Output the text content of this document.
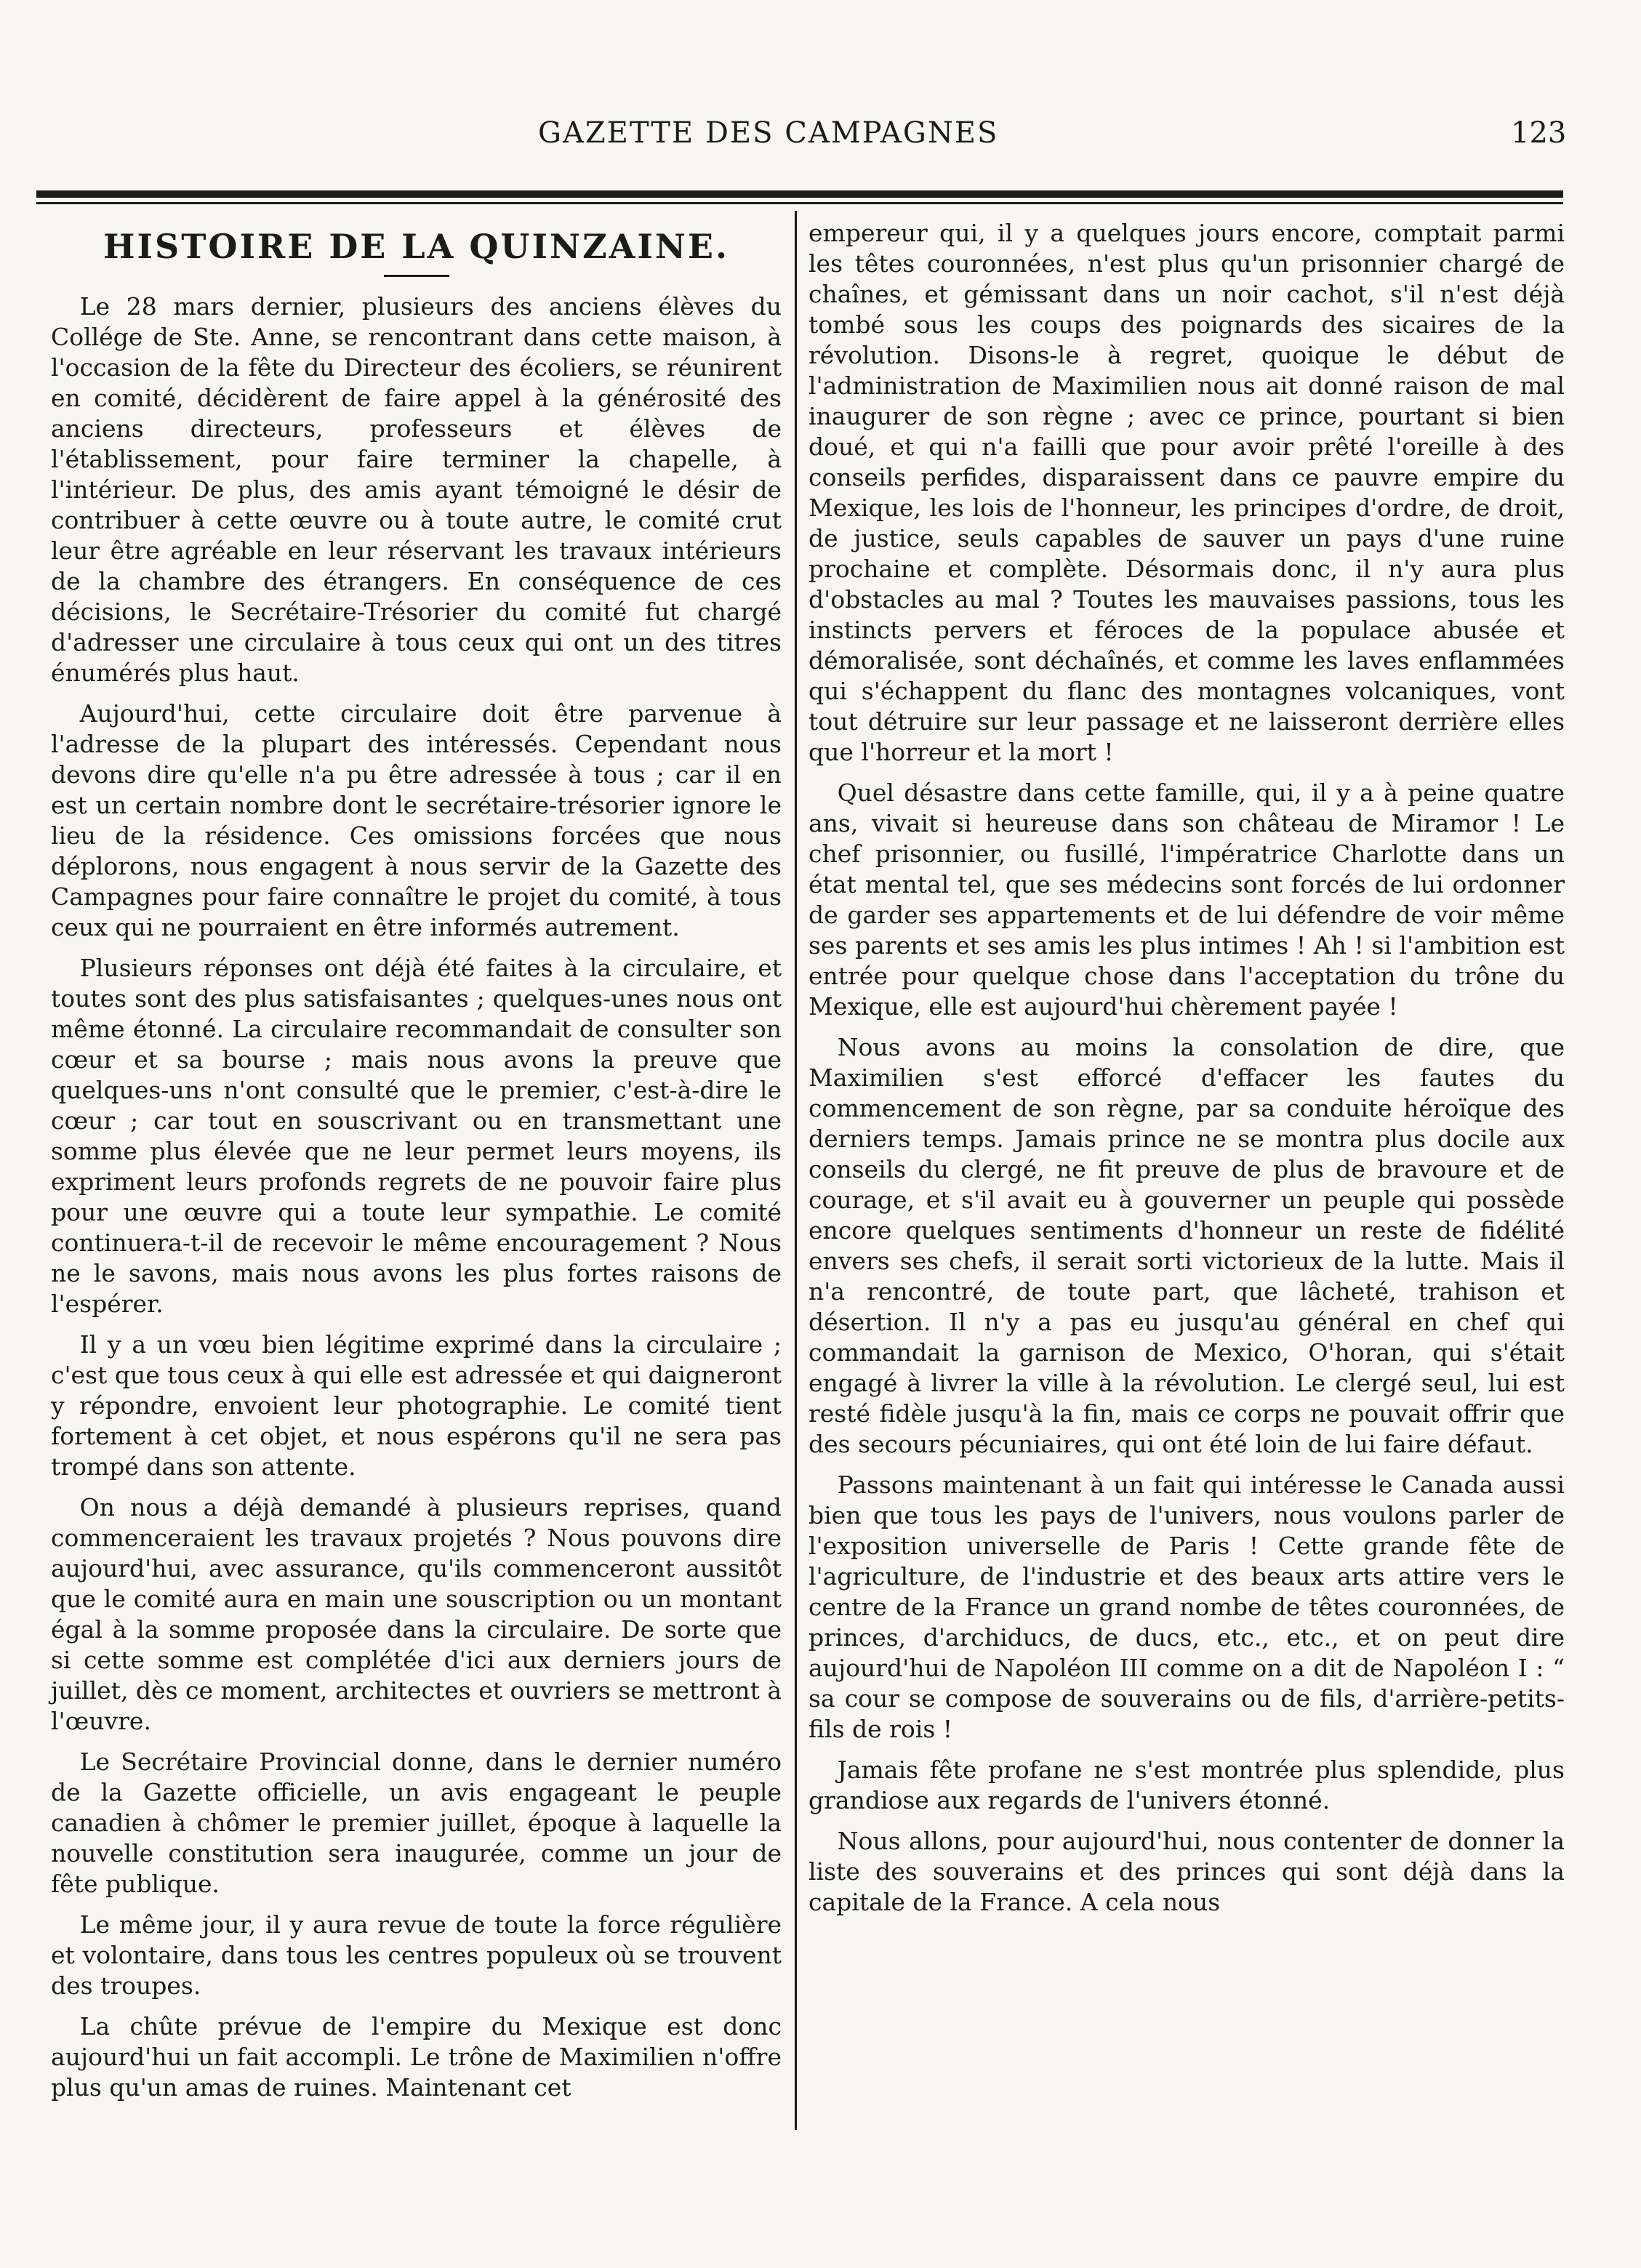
GAZETTE DES CAMPAGNES	123
HISTOIRE DE LA QUINZAINE.

Le 28 mars dernier, plusieurs des anciens élèves du Collége de Ste. Anne, se rencontrant dans cette maison, à l'occasion de la fête du Directeur des écoliers, se réunirent en comité, décidèrent de faire appel à la générosité des anciens directeurs, professeurs et élèves de l'établissement, pour faire terminer la chapelle, à l'intérieur. De plus, des amis ayant témoigné le désir de contribuer à cette œuvre ou à toute autre, le comité crut leur être agréable en leur réservant les travaux intérieurs de la chambre des étrangers. En conséquence de ces décisions, le Secrétaire-Trésorier du comité fut chargé d'adresser une circulaire à tous ceux qui ont un des titres énumérés plus haut.

Aujourd'hui, cette circulaire doit être parvenue à l'adresse de la plupart des intéressés. Cependant nous devons dire qu'elle n'a pu être adressée à tous ; car il en est un certain nombre dont le secrétaire-trésorier ignore le lieu de la résidence. Ces omissions forcées que nous déplorons, nous engagent à nous servir de la Gazette des Campagnes pour faire connaître le projet du comité, à tous ceux qui ne pourraient en être informés autrement.

Plusieurs réponses ont déjà été faites à la circulaire, et toutes sont des plus satisfaisantes ; quelques-unes nous ont même étonné. La circulaire recommandait de consulter son cœur et sa bourse ; mais nous avons la preuve que quelques-uns n'ont consulté que le premier, c'est-à-dire le cœur ; car tout en souscrivant ou en transmettant une somme plus élevée que ne leur permet leurs moyens, ils expriment leurs profonds regrets de ne pouvoir faire plus pour une œuvre qui a toute leur sympathie. Le comité continuera-t-il de recevoir le même encouragement ? Nous ne le savons, mais nous avons les plus fortes raisons de l'espérer.

Il y a un vœu bien légitime exprimé dans la circulaire ; c'est que tous ceux à qui elle est adressée et qui daigneront y répondre, envoient leur photographie. Le comité tient fortement à cet objet, et nous espérons qu'il ne sera pas trompé dans son attente.

On nous a déjà demandé à plusieurs reprises, quand commenceraient les travaux projetés ? Nous pouvons dire aujourd'hui, avec assurance, qu'ils commenceront aussitôt que le comité aura en main une souscription ou un montant égal à la somme proposée dans la circulaire. De sorte que si cette somme est complétée d'ici aux derniers jours de juillet, dès ce moment, architectes et ouvriers se mettront à l'œuvre.

Le Secrétaire Provincial donne, dans le dernier numéro de la Gazette officielle, un avis engageant le peuple canadien à chômer le premier juillet, époque à laquelle la nouvelle constitution sera inaugurée, comme un jour de fête publique.

Le même jour, il y aura revue de toute la force régulière et volontaire, dans tous les centres populeux où se trouvent des troupes.

La chûte prévue de l'empire du Mexique est donc aujourd'hui un fait accompli. Le trône de Maximilien n'offre plus qu'un amas de ruines. Maintenant cet

empereur qui, il y a quelques jours encore, comptait parmi les têtes couronnées, n'est plus qu'un prisonnier chargé de chaînes, et gémissant dans un noir cachot, s'il n'est déjà tombé sous les coups des poignards des sicaires de la révolution. Disons-le à regret, quoique le début de l'administration de Maximilien nous ait donné raison de mal inaugurer de son règne ; avec ce prince, pourtant si bien doué, et qui n'a failli que pour avoir prêté l'oreille à des conseils perfides, disparaissent dans ce pauvre empire du Mexique, les lois de l'honneur, les principes d'ordre, de droit, de justice, seuls capables de sauver un pays d'une ruine prochaine et complète. Désormais donc, il n'y aura plus d'obstacles au mal ? Toutes les mauvaises passions, tous les instincts pervers et féroces de la populace abusée et démoralisée, sont déchaînés, et comme les laves enflammées qui s'échappent du flanc des montagnes volcaniques, vont tout détruire sur leur passage et ne laisseront derrière elles que l'horreur et la mort !

Quel désastre dans cette famille, qui, il y a à peine quatre ans, vivait si heureuse dans son château de Miramor ! Le chef prisonnier, ou fusillé, l'impératrice Charlotte dans un état mental tel, que ses médecins sont forcés de lui ordonner de garder ses appartements et de lui défendre de voir même ses parents et ses amis les plus intimes ! Ah ! si l'ambition est entrée pour quelque chose dans l'acceptation du trône du Mexique, elle est aujourd'hui chèrement payée !

Nous avons au moins la consolation de dire, que Maximilien s'est efforcé d'effacer les fautes du commencement de son règne, par sa conduite héroïque des derniers temps. Jamais prince ne se montra plus docile aux conseils du clergé, ne fit preuve de plus de bravoure et de courage, et s'il avait eu à gouverner un peuple qui possède encore quelques sentiments d'honneur un reste de fidélité envers ses chefs, il serait sorti victorieux de la lutte. Mais il n'a rencontré, de toute part, que lâcheté, trahison et désertion. Il n'y a pas eu jusqu'au général en chef qui commandait la garnison de Mexico, O'horan, qui s'était engagé à livrer la ville à la révolution. Le clergé seul, lui est resté fidèle jusqu'à la fin, mais ce corps ne pouvait offrir que des secours pécuniaires, qui ont été loin de lui faire défaut.

Passons maintenant à un fait qui intéresse le Canada aussi bien que tous les pays de l'univers, nous voulons parler de l'exposition universelle de Paris ! Cette grande fête de l'agriculture, de l'industrie et des beaux arts attire vers le centre de la France un grand nombe de têtes couronnées, de princes, d'archiducs, de ducs, etc., etc., et on peut dire aujourd'hui de Napoléon III comme on a dit de Napoléon I : “ sa cour se compose de souverains ou de fils, d'arrière-petits-fils de rois !

Jamais fête profane ne s'est montrée plus splendide, plus grandiose aux regards de l'univers étonné.

Nous allons, pour aujourd'hui, nous contenter de donner la liste des souverains et des princes qui sont déjà dans la capitale de la France. A cela nous
